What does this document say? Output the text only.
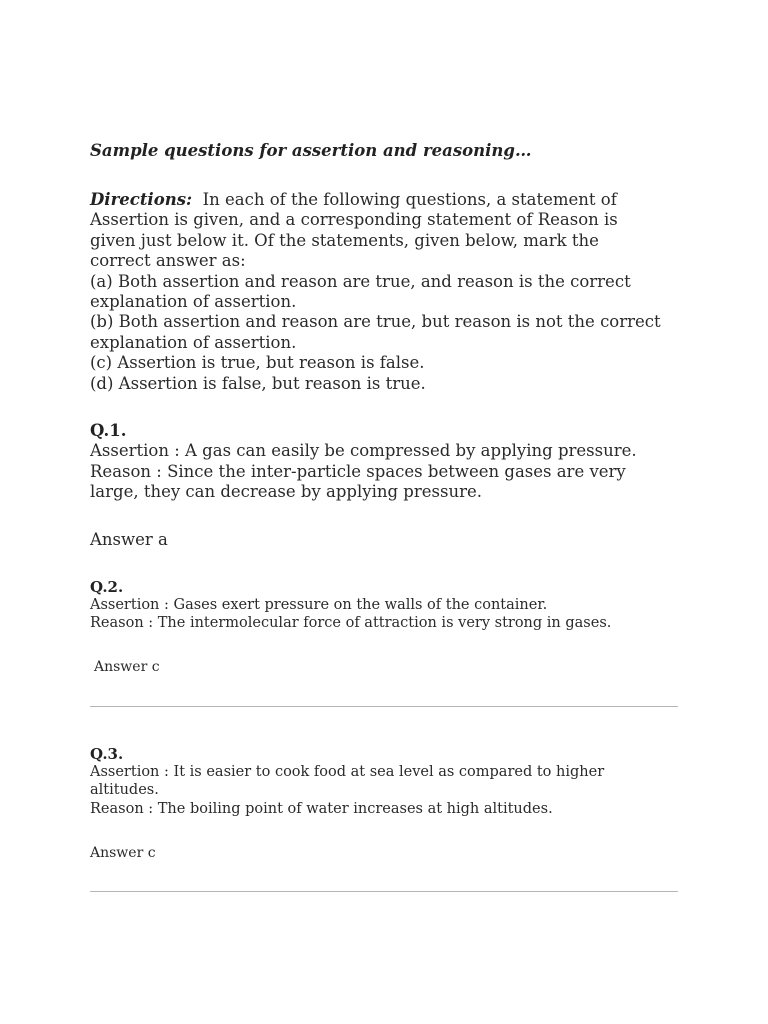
Sample questions for assertion and reasoning…
Directions: In each of the following questions, a statement of
Assertion is given, and a corresponding statement of Reason is
given just below it. Of the statements, given below, mark the
correct answer as:
(a) Both assertion and reason are true, and reason is the correct
explanation of assertion.
(b) Both assertion and reason are true, but reason is not the correct
explanation of assertion.
(c) Assertion is true, but reason is false.
(d) Assertion is false, but reason is true.
Q.1.
Assertion : A gas can easily be compressed by applying pressure.
Reason : Since the inter-particle spaces between gases are very
large, they can decrease by applying pressure.
Answer a
Q.2.
Assertion : Gases exert pressure on the walls of the container.
Reason : The intermolecular force of attraction is very strong in gases.
Answer c
Q.3.
Assertion : It is easier to cook food at sea level as compared to higher
altitudes.
Reason : The boiling point of water increases at high altitudes.
Answer c
